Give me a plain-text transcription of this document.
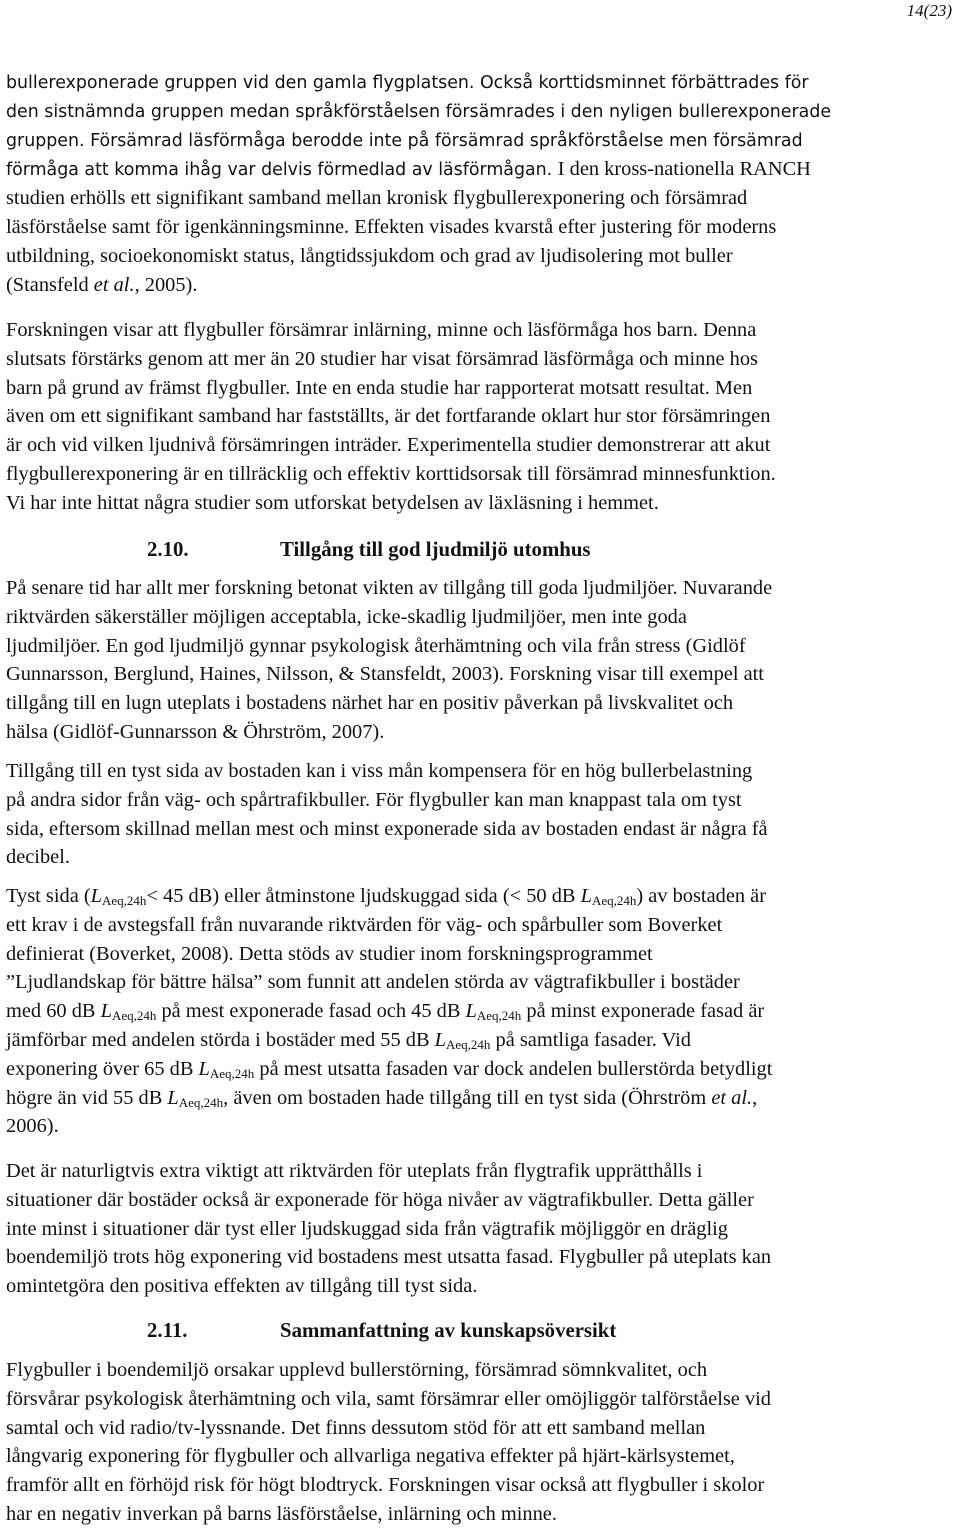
14(23)
bullerexponerade gruppen vid den gamla flygplatsen. Också korttidsminnet förbättrades för
den sistnämnda gruppen medan språkförståelsen försämrades i den nyligen bullerexponerade
gruppen. Försämrad läsförmåga berodde inte på försämrad språkförståelse men försämrad
förmåga att komma ihåg var delvis förmedlad av läsförmågan. I den kross-nationella RANCH
studien erhölls ett signifikant samband mellan kronisk flygbullerexponering och försämrad
läsförståelse samt för igenkänningsminne. Effekten visades kvarstå efter justering för moderns
utbildning, socioekonomiskt status, långtidssjukdom och grad av ljudisolering mot buller
(Stansfeld et al., 2005).
Forskningen visar att flygbuller försämrar inlärning, minne och läsförmåga hos barn. Denna
slutsats förstärks genom att mer än 20 studier har visat försämrad läsförmåga och minne hos
barn på grund av främst flygbuller. Inte en enda studie har rapporterat motsatt resultat. Men
även om ett signifikant samband har fastställts, är det fortfarande oklart hur stor försämringen
är och vid vilken ljudnivå försämringen inträder. Experimentella studier demonstrerar att akut
flygbullerexponering är en tillräcklig och effektiv korttidsorsak till försämrad minnesfunktion.
Vi har inte hittat några studier som utforskat betydelsen av läxläsning i hemmet.
2.10.	Tillgång till god ljudmiljö utomhus
På senare tid har allt mer forskning betonat vikten av tillgång till goda ljudmiljöer. Nuvarande
riktvärden säkerställer möjligen acceptabla, icke-skadlig ljudmiljöer, men inte goda
ljudmiljöer. En god ljudmiljö gynnar psykologisk återhämtning och vila från stress (Gidlöf
Gunnarsson, Berglund, Haines, Nilsson, & Stansfeldt, 2003). Forskning visar till exempel att
tillgång till en lugn uteplats i bostadens närhet har en positiv påverkan på livskvalitet och
hälsa (Gidlöf-Gunnarsson & Öhrström, 2007).
Tillgång till en tyst sida av bostaden kan i viss mån kompensera för en hög bullerbelastning
på andra sidor från väg- och spårtrafikbuller. För flygbuller kan man knappast tala om tyst
sida, eftersom skillnad mellan mest och minst exponerade sida av bostaden endast är några få
decibel.
Tyst sida ($L_{Aeq,24h}< 45$ dB) eller åtminstone ljudskuggad sida (< 50 dB $L_{Aeq,24h}$) av bostaden är
ett krav i de avstegsfall från nuvarande riktvärden för väg- och spårbuller som Boverket
definierat (Boverket, 2008). Detta stöds av studier inom forskningsprogrammet
”Ljudlandskap för bättre hälsa” som funnit att andelen störda av vägtrafikbuller i bostäder
med 60 dB $L_{Aeq,24h}$ på mest exponerade fasad och 45 dB $L_{Aeq,24h}$ på minst exponerade fasad är
jämförbar med andelen störda i bostäder med 55 dB $L_{Aeq,24h}$ på samtliga fasader. Vid
exponering över 65 dB $L_{Aeq,24h}$ på mest utsatta fasaden var dock andelen bullerstörda betydligt
högre än vid 55 dB $L_{Aeq,24h}$, även om bostaden hade tillgång till en tyst sida (Öhrström et al.,
2006).
Det är naturligtvis extra viktigt att riktvärden för uteplats från flygtrafik upprätthålls i
situationer där bostäder också är exponerade för höga nivåer av vägtrafikbuller. Detta gäller
inte minst i situationer där tyst eller ljudskuggad sida från vägtrafik möjliggör en dräglig
boendemiljö trots hög exponering vid bostadens mest utsatta fasad. Flygbuller på uteplats kan
omintetgöra den positiva effekten av tillgång till tyst sida.
2.11.	Sammanfattning av kunskapsöversikt
Flygbuller i boendemiljö orsakar upplevd bullerstörning, försämrad sömnkvalitet, och
försvårar psykologisk återhämtning och vila, samt försämrar eller omöjliggör talförståelse vid
samtal och vid radio/tv-lyssnande. Det finns dessutom stöd för att ett samband mellan
långvarig exponering för flygbuller och allvarliga negativa effekter på hjärt-kärlsystemet,
framför allt en förhöjd risk för högt blodtryck. Forskningen visar också att flygbuller i skolor
har en negativ inverkan på barns läsförståelse, inlärning och minne.
